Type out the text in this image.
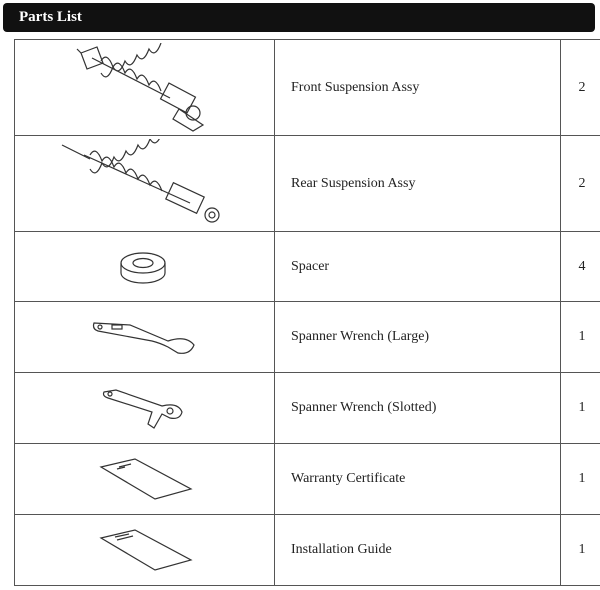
Parts List
	Front Suspension Assy	2

	Rear Suspension Assy	2

	Spacer	4

	Spanner Wrench (Large)	1

	Spanner Wrench (Slotted)	1

	Warranty Certificate	1

	Installation Guide	1
